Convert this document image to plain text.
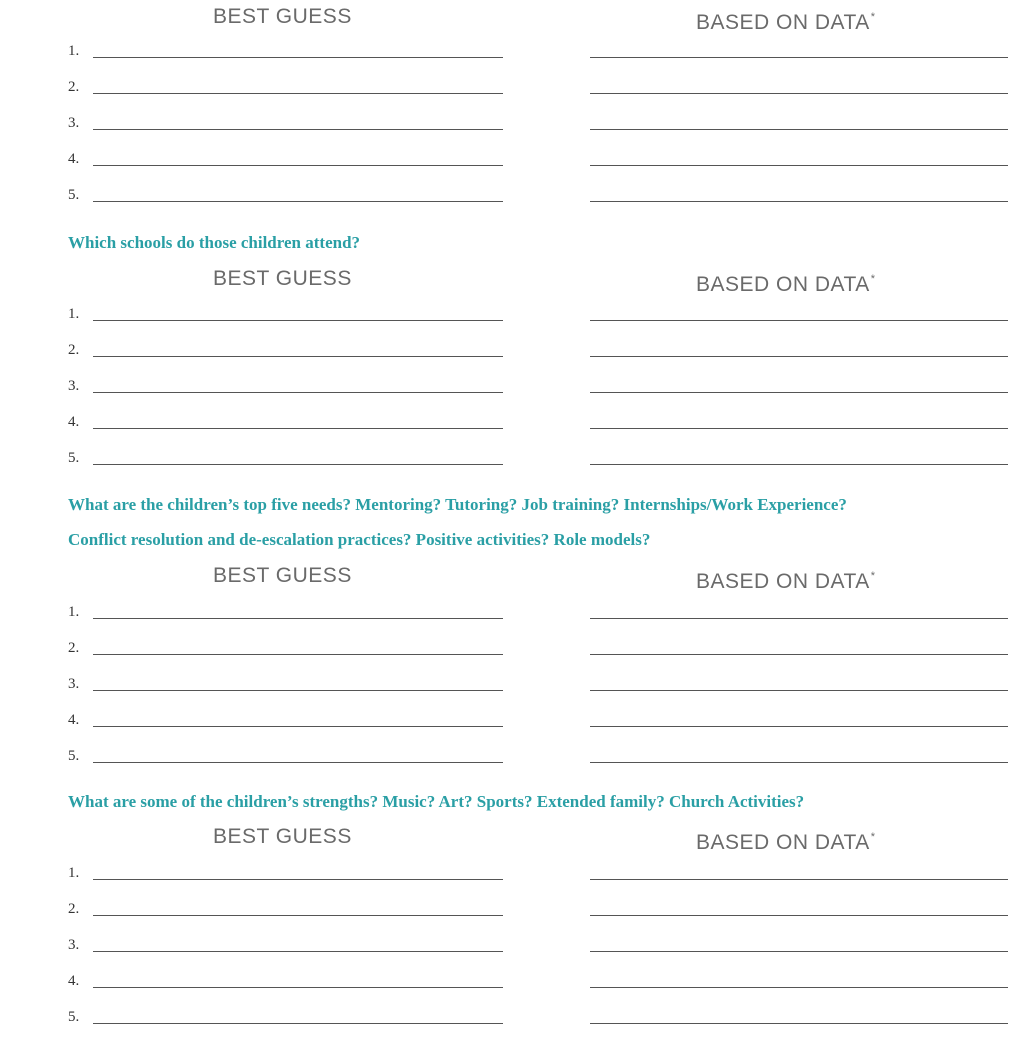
BEST GUESS	BASED ON DATA*
1.
2.
3.
4.
5.
Which schools do those children attend?
BEST GUESS	BASED ON DATA*
1.
2.
3.
4.
5.
What are the children’s top five needs? Mentoring? Tutoring? Job training? Internships/Work Experience?
Conflict resolution and de-escalation practices? Positive activities? Role models?
BEST GUESS	BASED ON DATA*
1.
2.
3.
4.
5.
What are some of the children’s strengths? Music? Art? Sports? Extended family? Church Activities?
BEST GUESS	BASED ON DATA*
1.
2.
3.
4.
5.
